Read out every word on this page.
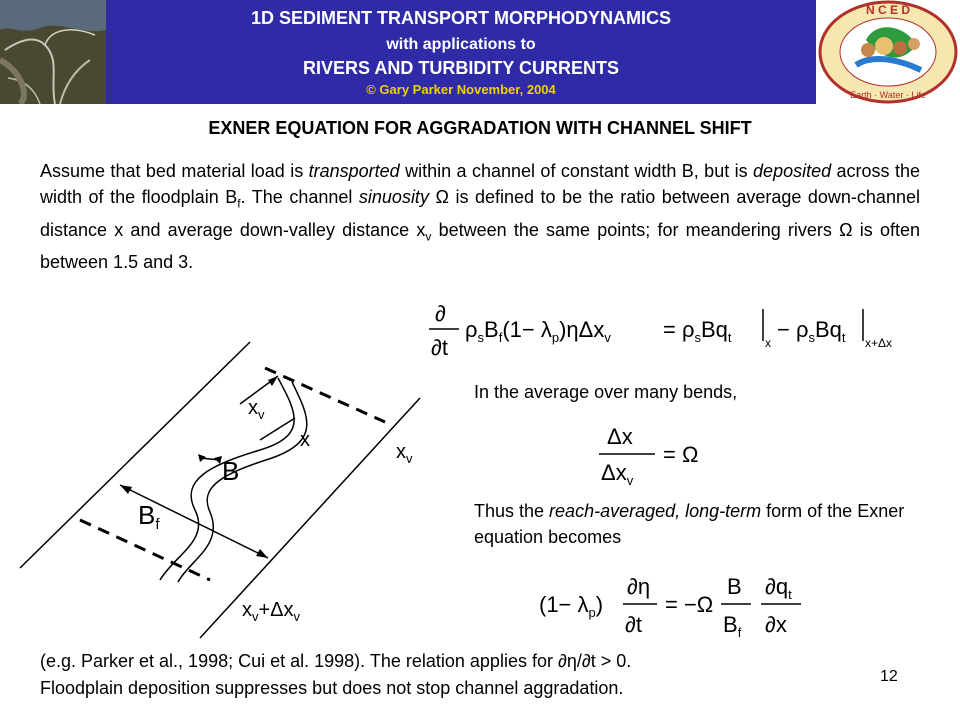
1D SEDIMENT TRANSPORT MORPHODYNAMICS
with applications to
RIVERS AND TURBIDITY CURRENTS
© Gary Parker November, 2004
N C E D
Earth · Water · Life
EXNER EQUATION FOR AGGRADATION WITH CHANNEL SHIFT
Assume that bed material load is transported within a channel of constant width B, but is deposited across the width of the floodplain $B_f$. The channel sinuosity Ω is defined to be the ratio between average down-channel distance x and average down-valley distance $x_v$ between the same points; for meandering rivers Ω is often between 1.5 and 3.
∂
∂t
$\rho_sB_f(1- \lambda_p)\eta\Delta x_v = \rho_sBq_t$	x
− $\rho_sBq_t$ x+Δx
In the average over many bends,
Δx
$\Delta x_v$
= Ω
Thus the reach-averaged, long-term form of the Exner equation becomes
$(1- \lambda_p)$
∂η
∂t
= −Ω
B
$B_f$
$\partial q_t$
∂x
$x_v$
x
$x_v$
B
Bf
$x_v+\Delta x_v$
(e.g. Parker et al., 1998; Cui et al. 1998). The relation applies for ∂η/∂t > 0.
Floodplain deposition suppresses but does not stop channel aggradation.
12
